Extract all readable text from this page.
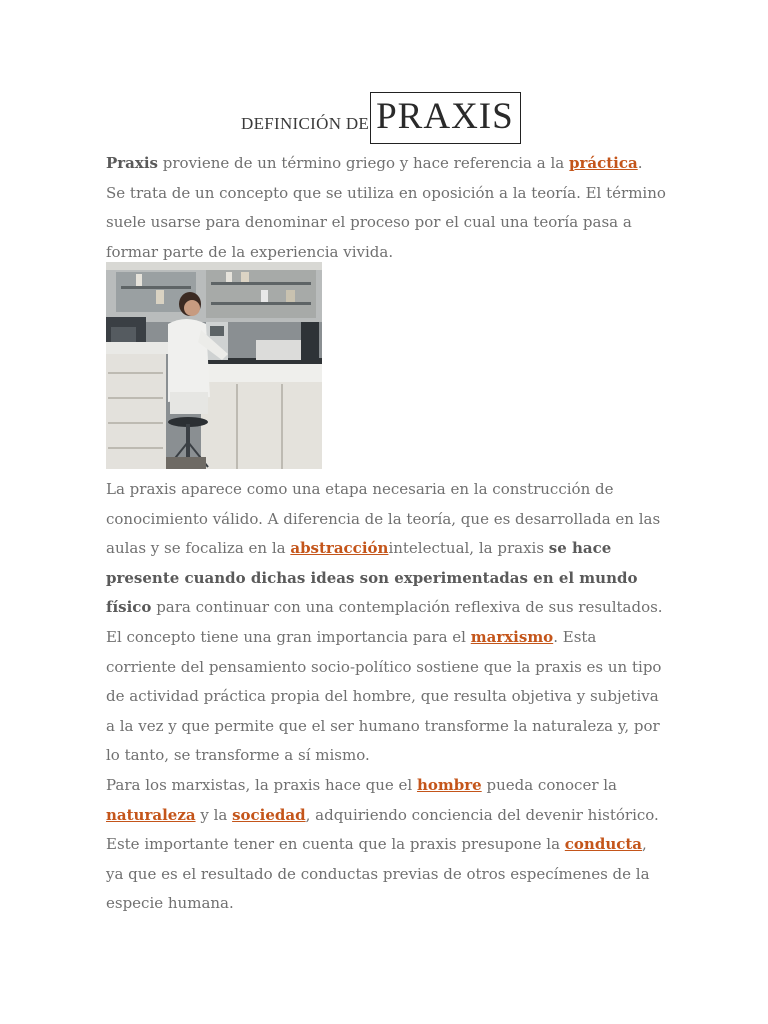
DEFINICIÓN DE PRAXIS

Praxis proviene de un término griego y hace referencia a la práctica. Se trata de un concepto que se utiliza en oposición a la teoría. El término suele usarse para denominar el proceso por el cual una teoría pasa a formar parte de la experiencia vivida.

La praxis aparece como una etapa necesaria en la construcción de conocimiento válido. A diferencia de la teoría, que es desarrollada en las aulas y se focaliza en la abstracciónintelectual, la praxis se hace presente cuando dichas ideas son experimentadas en el mundo físico para continuar con una contemplación reflexiva de sus resultados.

El concepto tiene una gran importancia para el marxismo. Esta corriente del pensamiento socio-político sostiene que la praxis es un tipo de actividad práctica propia del hombre, que resulta objetiva y subjetiva a la vez y que permite que el ser humano transforme la naturaleza y, por lo tanto, se transforme a sí mismo.

Para los marxistas, la praxis hace que el hombre pueda conocer la naturaleza y la sociedad, adquiriendo conciencia del devenir histórico.

Este importante tener en cuenta que la praxis presupone la conducta, ya que es el resultado de conductas previas de otros especímenes de la especie humana.
